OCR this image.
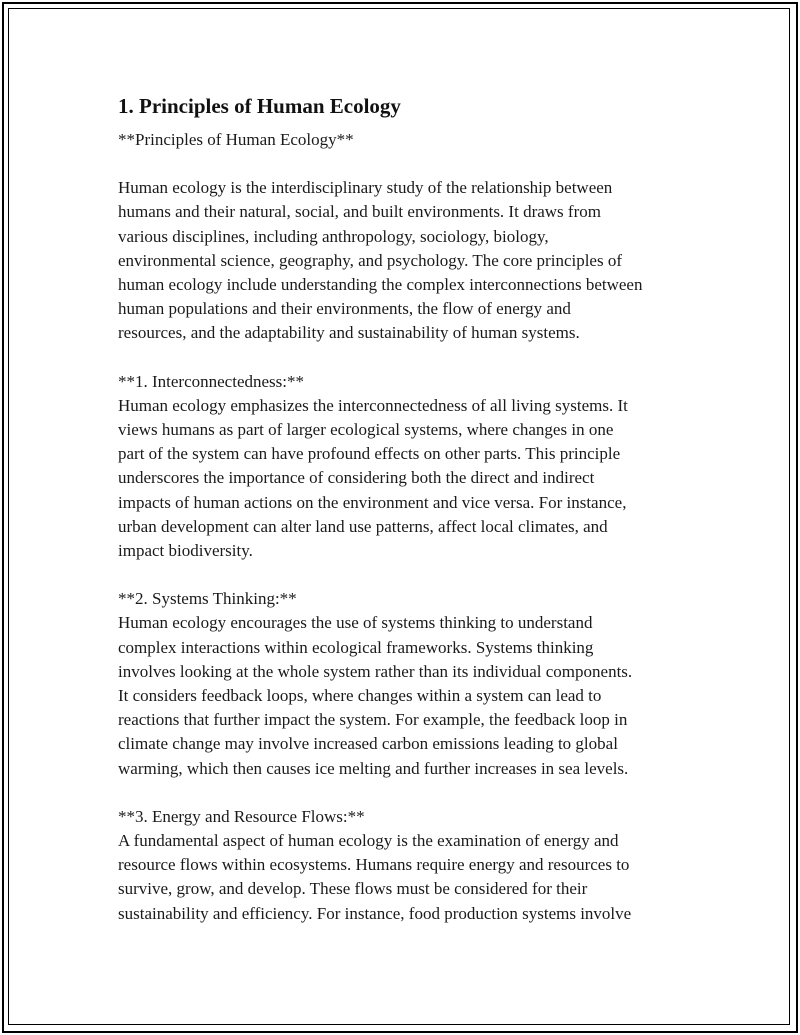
1. Principles of Human Ecology

**Principles of Human Ecology**

Human ecology is the interdisciplinary study of the relationship between
humans and their natural, social, and built environments. It draws from
various disciplines, including anthropology, sociology, biology,
environmental science, geography, and psychology. The core principles of
human ecology include understanding the complex interconnections between
human populations and their environments, the flow of energy and
resources, and the adaptability and sustainability of human systems.

**1. Interconnectedness:**
Human ecology emphasizes the interconnectedness of all living systems. It
views humans as part of larger ecological systems, where changes in one
part of the system can have profound effects on other parts. This principle
underscores the importance of considering both the direct and indirect
impacts of human actions on the environment and vice versa. For instance,
urban development can alter land use patterns, affect local climates, and
impact biodiversity.

**2. Systems Thinking:**
Human ecology encourages the use of systems thinking to understand
complex interactions within ecological frameworks. Systems thinking
involves looking at the whole system rather than its individual components.
It considers feedback loops, where changes within a system can lead to
reactions that further impact the system. For example, the feedback loop in
climate change may involve increased carbon emissions leading to global
warming, which then causes ice melting and further increases in sea levels.

**3. Energy and Resource Flows:**
A fundamental aspect of human ecology is the examination of energy and
resource flows within ecosystems. Humans require energy and resources to
survive, grow, and develop. These flows must be considered for their
sustainability and efficiency. For instance, food production systems involve
